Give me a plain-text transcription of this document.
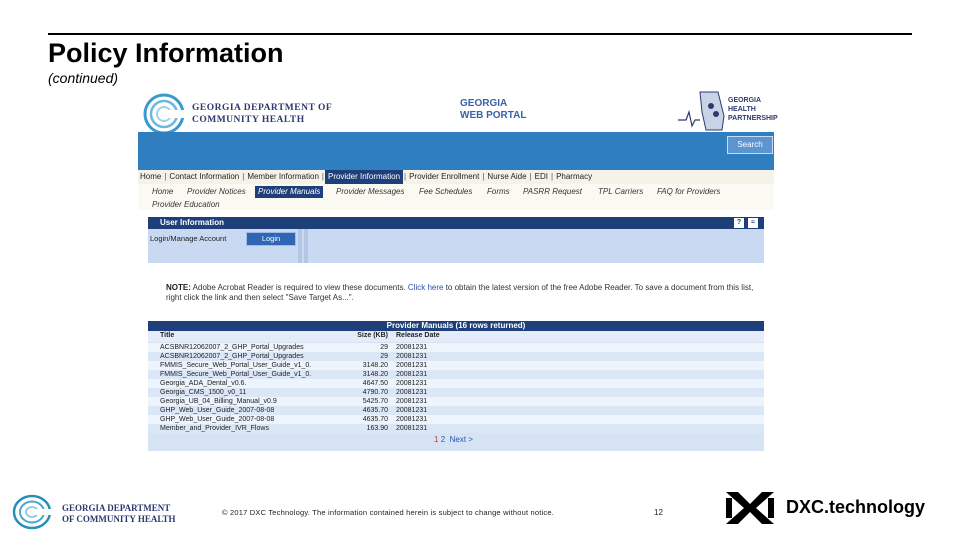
Policy Information
(continued)
GEORGIA DEPARTMENT OF
COMMUNITY HEALTH
GEORGIA
WEB PORTAL
GEORGIA
HEALTH
PARTNERSHIP
Search
Home | Contact Information | Member Information | Provider Information | Provider Enrollment | Nurse Aide | EDI | Pharmacy
Home Provider Notices	Provider Manuals	Provider Messages Fee Schedules Forms PASRR Request TPL Carriers FAQ for Providers
Provider Education
User Information	?	≈
Login/Manage Account	Login
NOTE: Adobe Acrobat Reader is required to view these documents. Click here to obtain the latest version of the free Adobe Reader. To save a document from this list, right click the link and then select "Save Target As...".
Provider Manuals (16 rows returned)
Title	Size (KB) Release Date
1 2 Next >
ACSBNR12062007_2_GHP_Portal_Upgrades	29 20081231
ACSBNR12062007_2_GHP_Portal_Upgrades	29 20081231
FMMIS_Secure_Web_Portal_User_Guide_v1_0.	3148.20 20081231
FMMIS_Secure_Web_Portal_User_Guide_v1_0.	3148.20 20081231
Georgia_ADA_Dental_v0.6.	4647.50 20081231
Georgia_CMS_1500_v0_11	4790.70 20081231
Georgia_UB_04_Billing_Manual_v0.9	5425.70 20081231
GHP_Web_User_Guide_2007-08-08	4635.70 20081231
GHP_Web_User_Guide_2007-08-08	4635.70 20081231
Member_and_Provider_IVR_Flows	163.90 20081231
GEORGIA DEPARTMENT
OF COMMUNITY HEALTH
© 2017 DXC Technology. The information contained herein is subject to change without notice.	12	DXC.technology
